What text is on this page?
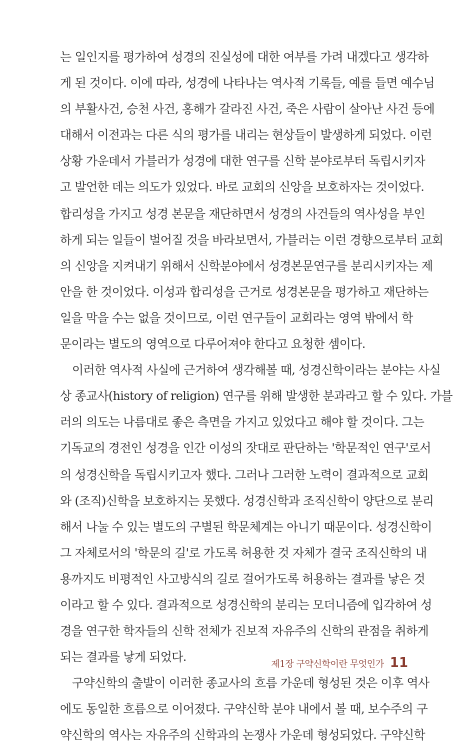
는 일인지를 평가하여 성경의 진실성에 대한 여부를 가려 내겠다고 생각하
게 된 것이다. 이에 따라, 성경에 나타나는 역사적 기록들, 예를 들면 예수님
의 부활사건, 승천 사건, 홍해가 갈라진 사건, 죽은 사람이 살아난 사건 등에
대해서 이전과는 다른 식의 평가를 내리는 현상들이 발생하게 되었다. 이런
상황 가운데서 가블러가 성경에 대한 연구를 신학 분야로부터 독립시키자
고 발언한 데는 의도가 있었다. 바로 교회의 신앙을 보호하자는 것이었다.
합리성을 가지고 성경 본문을 재단하면서 성경의 사건들의 역사성을 부인
하게 되는 일들이 벌어질 것을 바라보면서, 가블러는 이런 경향으로부터 교회
의 신앙을 지켜내기 위해서 신학분야에서 성경본문연구를 분리시키자는 제
안을 한 것이었다. 이성과 합리성을 근거로 성경본문을 평가하고 재단하는
일을 막을 수는 없을 것이므로, 이런 연구들이 교회라는 영역 밖에서 학
문이라는 별도의 영역으로 다루어져야 한다고 요청한 셈이다.
이러한 역사적 사실에 근거하여 생각해볼 때, 성경신학이라는 분야는 사실
상 종교사(history of religion) 연구를 위해 발생한 분과라고 할 수 있다. 가블
러의 의도는 나름대로 좋은 측면을 가지고 있었다고 해야 할 것이다. 그는
기독교의 경전인 성경을 인간 이성의 잣대로 판단하는 '학문적인 연구'로서
의 성경신학을 독립시키고자 했다. 그러나 그러한 노력이 결과적으로 교회
와 (조직)신학을 보호하지는 못했다. 성경신학과 조직신학이 양단으로 분리
해서 나눌 수 있는 별도의 구별된 학문체계는 아니기 때문이다. 성경신학이
그 자체로서의 '학문의 길'로 가도록 허용한 것 자체가 결국 조직신학의 내
용까지도 비평적인 사고방식의 길로 걸어가도록 허용하는 결과를 낳은 것
이라고 할 수 있다. 결과적으로 성경신학의 분리는 모더니즘에 입각하여 성
경을 연구한 학자들의 신학 전체가 진보적 자유주의 신학의 관점을 취하게
되는 결과를 낳게 되었다.
구약신학의 출발이 이러한 종교사의 흐름 가운데 형성된 것은 이후 역사
에도 동일한 흐름으로 이어졌다. 구약신학 분야 내에서 볼 때, 보수주의 구
약신학의 역사는 자유주의 신학과의 논쟁사 가운데 형성되었다. 구약신학
제1장 구약신학이란 무엇인가 11
